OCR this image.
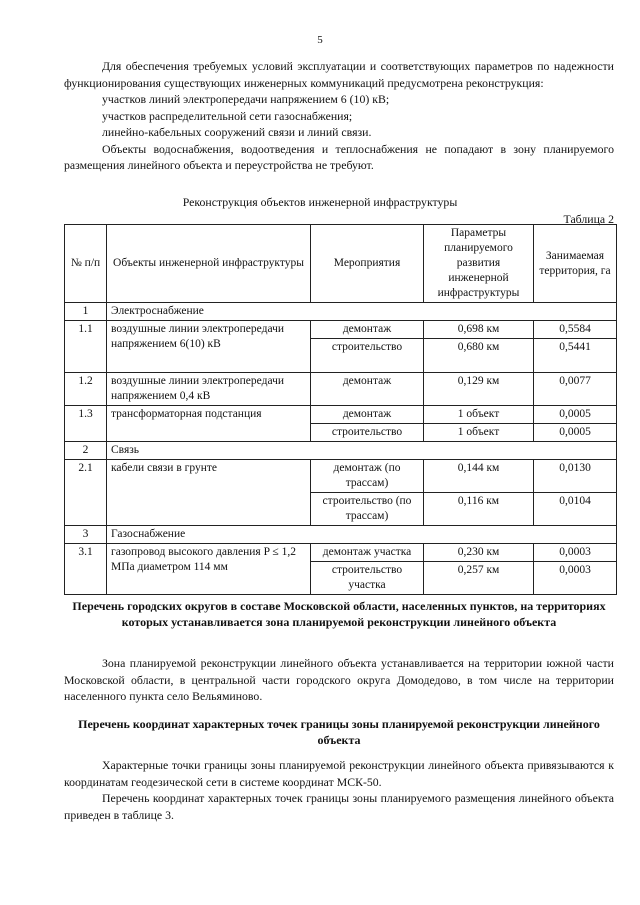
5
Для обеспечения требуемых условий эксплуатации и соответствующих параметров по надежности функционирования существующих инженерных коммуникаций предусмотрена реконструкция:
участков линий электропередачи напряжением 6 (10) кВ;
участков распределительной сети газоснабжения;
линейно-кабельных сооружений связи и линий связи.
Объекты водоснабжения, водоотведения и теплоснабжения не попадают в зону планируемого размещения линейного объекта и переустройства не требуют.
Реконструкция объектов инженерной инфраструктуры
Таблица 2
№ п/п	Объекты инженерной инфраструктуры	Мероприятия	Параметры планируемого развития инженерной инфраструктуры	Занимаемая территория, га
1	Электроснабжение			
1.1	воздушные линии электропередачи напряжением 6(10) кВ	демонтаж	0,698 км	0,5584
		строительство	0,680 км	0,5441
1.2	воздушные линии электропередачи напряжением 0,4 кВ	демонтаж	0,129 км	0,0077
1.3	трансформаторная подстанция	демонтаж	1 объект	0,0005
		строительство	1 объект	0,0005
2	Связь			
2.1	кабели связи в грунте	демонтаж (по трассам)	0,144 км	0,0130
		строительство (по трассам)	0,116 км	0,0104
3	Газоснабжение			
3.1	газопровод высокого давления P ≤ 1,2 МПа диаметром 114 мм	демонтаж участка	0,230 км	0,0003
		строительство участка	0,257 км	0,0003
Перечень городских округов в составе Московской области, населенных пунктов, на территориях которых устанавливается зона планируемой реконструкции линейного объекта
Зона планируемой реконструкции линейного объекта устанавливается на территории южной части Московской области, в центральной части городского округа Домодедово, в том числе на территории населенного пункта село Вельяминово.
Перечень координат характерных точек границы зоны планируемой реконструкции линейного объекта
Характерные точки границы зоны планируемой реконструкции линейного объекта привязываются к координатам геодезической сети в системе координат МСК-50.
Перечень координат характерных точек границы зоны планируемого размещения линейного объекта приведен в таблице 3.
